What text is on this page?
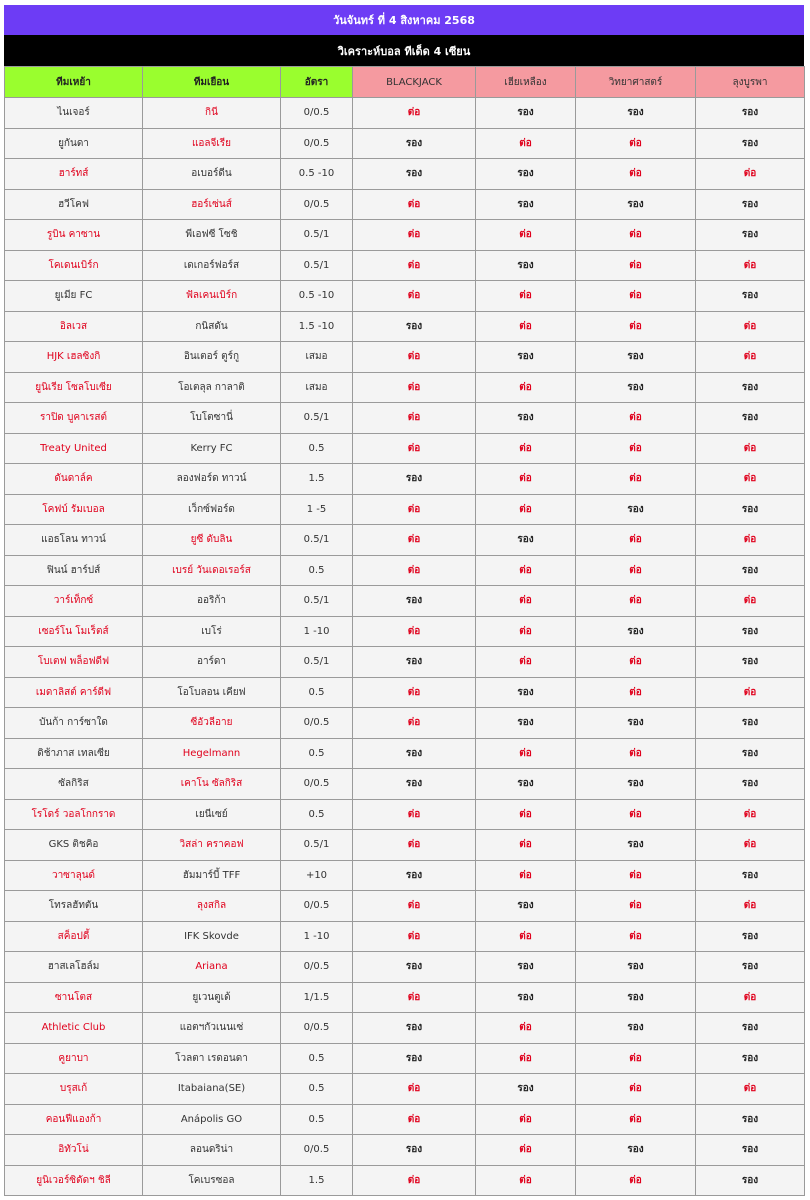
วันจันทร์ ที่ 4 สิงหาคม 2568
วิเคราะห์บอล ทีเด็ด 4 เซียน
ทีมเหย้า	ทีมเยือน	อัตรา	BLACKJACK	เฮียเหลือง	วิทยาศาสตร์	ลุงบูรพา
ไนเจอร์	กินี	0/0.5	ต่อ	รอง	รอง	รอง
ยูกันดา	แอลจีเรีย	0/0.5	รอง	ต่อ	ต่อ	รอง
ฮาร์ทส์	อเบอร์ดีน	0.5 -10	รอง	รอง	ต่อ	ต่อ
ฮวีโคฟ	ฮอร์เซ่นส์	0/0.5	ต่อ	รอง	รอง	รอง
รูบิน คาซาน	พีเอฟซี โซชิ	0.5/1	ต่อ	ต่อ	ต่อ	รอง
โคเดนเบิร์ก	เดเกอร์ฟอร์ส	0.5/1	ต่อ	รอง	ต่อ	ต่อ
ยูเมีย FC	ฟัลเคนเบิร์ก	0.5 -10	ต่อ	ต่อ	ต่อ	รอง
อิลเวส	กนิสดัน	1.5 -10	รอง	ต่อ	ต่อ	ต่อ
HJK เฮลซิงกิ	อินเตอร์ ตูร์กู	เสมอ	ต่อ	รอง	รอง	ต่อ
ยูนิเรีย โซลโบเซีย	โอเตลุล กาลาติ	เสมอ	ต่อ	ต่อ	รอง	รอง
ราปิด บูคาเรสต์	โบโตซานี่	0.5/1	ต่อ	รอง	ต่อ	รอง
Treaty United	Kerry FC	0.5	ต่อ	ต่อ	ต่อ	ต่อ
ดันดาล์ค	ลองฟอร์ด ทาวน์	1.5	รอง	ต่อ	ต่อ	ต่อ
โคฟบ์ รัมเบอล	เว็กซ์ฟอร์ด	1 -5	ต่อ	ต่อ	รอง	รอง
แอธโลน ทาวน์	ยูซี ดับลิน	0.5/1	ต่อ	รอง	ต่อ	ต่อ
ฟินน์ ฮาร์ปส์	เบรย์ วันเดอเรอร์ส	0.5	ต่อ	ต่อ	ต่อ	รอง
วาร์เท็กซ์	ออริก้า	0.5/1	รอง	ต่อ	ต่อ	ต่อ
เซอร์โน โมเร็ตส์	เบโร่	1 -10	ต่อ	ต่อ	รอง	รอง
โบเตฟ พล็อฟดีฟ	อาร์ดา	0.5/1	รอง	ต่อ	ต่อ	รอง
เมดาลิสต์ คาร์ดีฟ	โอโบลอน เคียฟ	0.5	ต่อ	รอง	ต่อ	ต่อ
บันก้า การ์ซาใด	ซีอัวลีอาย	0/0.5	ต่อ	รอง	รอง	รอง
ดิช้าภาส เทลเซีย	Hegelmann	0.5	รอง	ต่อ	ต่อ	รอง
ซัลกิริส	เคาโน ซัลกิริส	0/0.5	รอง	รอง	รอง	รอง
โรโดร์ วอลโกกราด	เยนีเซย์	0.5	ต่อ	ต่อ	ต่อ	ต่อ
GKS ติชคิอ	วิสล่า คราคอฟ	0.5/1	ต่อ	ต่อ	รอง	ต่อ
วาซาลุนด์	ฮัมมาร์บี้ TFF	+10	รอง	ต่อ	ต่อ	รอง
โทรลฮัทตัน	ลุงสกิล	0/0.5	ต่อ	รอง	ต่อ	ต่อ
สค็อปดี้	IFK Skovde	1 -10	ต่อ	ต่อ	ต่อ	รอง
ฮาสเลโฮล์ม	Ariana	0/0.5	รอง	รอง	รอง	รอง
ซานโตส	ยูเวนตูเด้	1/1.5	ต่อ	รอง	รอง	ต่อ
Athletic Club	แอตฯกัวเนนเซ่	0/0.5	รอง	ต่อ	รอง	รอง
คูยาบา	โวลตา เรดอนดา	0.5	รอง	ต่อ	ต่อ	รอง
บรุสเก้	Itabaiana(SE)	0.5	ต่อ	รอง	ต่อ	ต่อ
คอนฟีแองก้า	Anápolis GO	0.5	ต่อ	ต่อ	ต่อ	รอง
อิทัวโน่	ลอนดริน่า	0/0.5	รอง	ต่อ	รอง	รอง
ยูนิเวอร์ซิดัดฯ ชิลี	โคเบรซอล	1.5	ต่อ	ต่อ	ต่อ	รอง
